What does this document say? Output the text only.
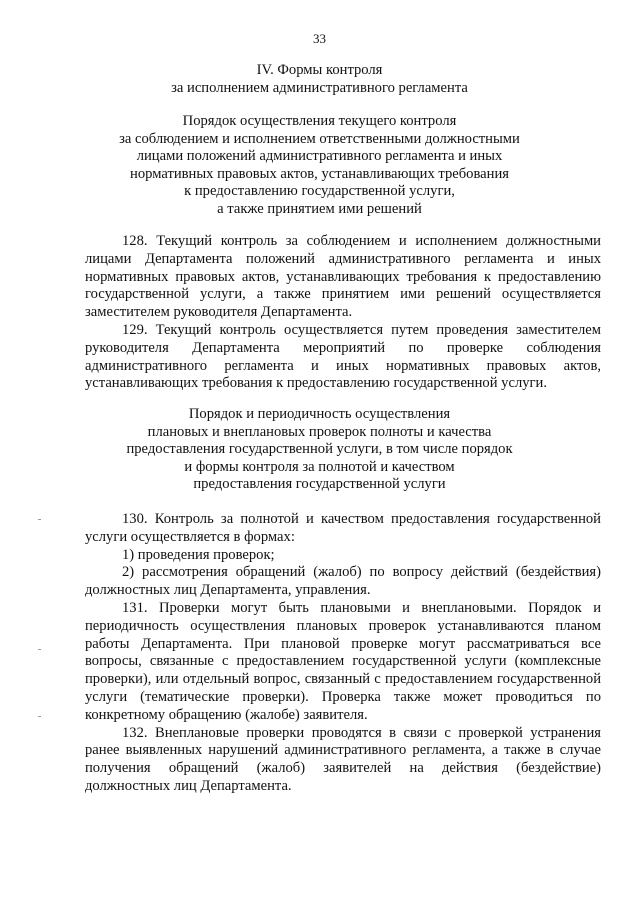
33
IV. Формы контроля
за исполнением административного регламента
Порядок осуществления текущего контроля
за соблюдением и исполнением ответственными должностными
лицами положений административного регламента и иных
нормативных правовых актов, устанавливающих требования
к предоставлению государственной услуги,
а также принятием ими решений

128. Текущий контроль за соблюдением и исполнением должностными лицами Департамента положений административного регламента и иных нормативных правовых актов, устанавливающих требования к предоставлению государственной услуги, а также принятием ими решений осуществляется заместителем руководителя Департамента.

129. Текущий контроль осуществляется путем проведения заместителем руководителя Департамента мероприятий по проверке соблюдения административного регламента и иных нормативных правовых актов, устанавливающих требования к предоставлению государственной услуги.

Порядок и периодичность осуществления
плановых и внеплановых проверок полноты и качества
предоставления государственной услуги, в том числе порядок
и формы контроля за полнотой и качеством
предоставления государственной услуги

130. Контроль за полнотой и качеством предоставления государственной услуги осуществляется в формах:

1) проведения проверок;

2) рассмотрения обращений (жалоб) по вопросу действий (бездействия) должностных лиц Департамента, управления.

131. Проверки могут быть плановыми и внеплановыми. Порядок и периодичность осуществления плановых проверок устанавливаются планом работы Департамента. При плановой проверке могут рассматриваться все вопросы, связанные с предоставлением государственной услуги (комплексные проверки), или отдельный вопрос, связанный с предоставлением государственной услуги (тематические проверки). Проверка также может проводиться по конкретному обращению (жалобе) заявителя.

132. Внеплановые проверки проводятся в связи с проверкой устранения ранее выявленных нарушений административного регламента, а также в случае получения обращений (жалоб) заявителей на действия (бездействие) должностных лиц Департамента.
